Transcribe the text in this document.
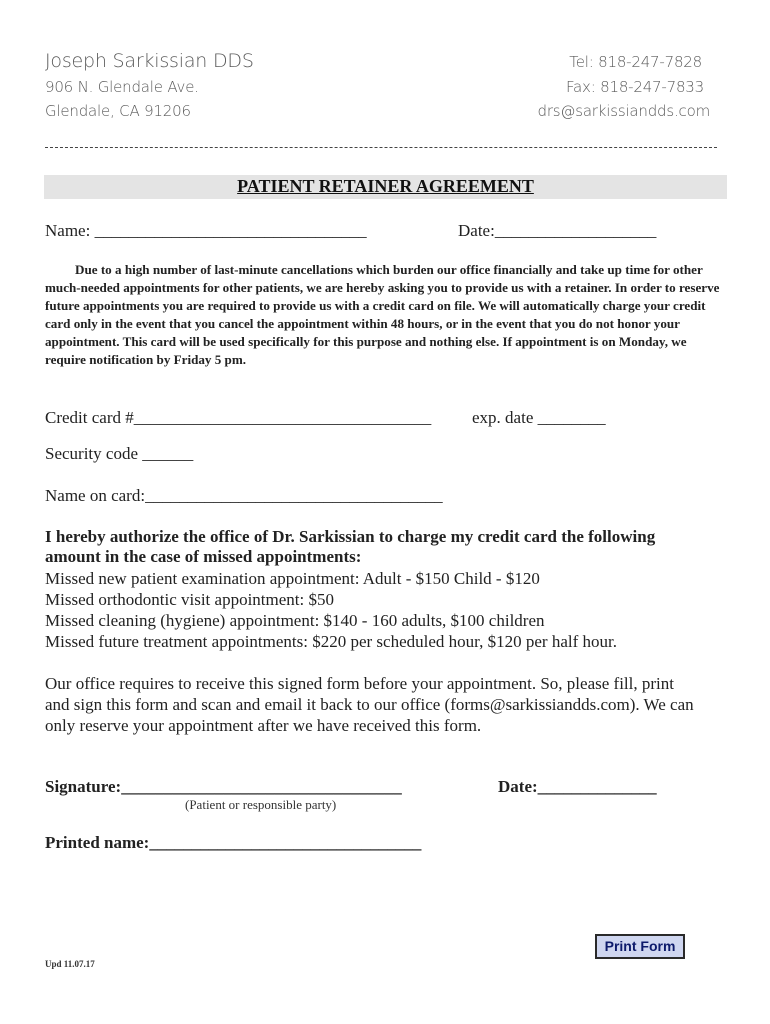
Joseph Sarkissian DDS
906 N. Glendale Ave.
Glendale, CA 91206
Tel: 818-247-7828
Fax: 818-247-7833
drs@sarkissiandds.com
PATIENT RETAINER AGREEMENT
Name: ________________________________	Date:___________________

Due to a high number of last-minute cancellations which burden our office financially and take up time for other much-needed appointments for other patients, we are hereby asking you to provide us with a retainer. In order to reserve future appointments you are required to provide us with a credit card on file. We will automatically charge your credit card only in the event that you cancel the appointment within 48 hours, or in the event that you do not honor your appointment. This card will be used specifically for this purpose and nothing else. If appointment is on Monday, we require notification by Friday 5 pm.

Credit card #___________________________________ exp. date ________
Security code ______
Name on card:___________________________________
I hereby authorize the office of Dr. Sarkissian to charge my credit card the following
amount in the case of missed appointments:
Missed new patient examination appointment: Adult - $150 Child - $120
Missed orthodontic visit appointment: $50
Missed cleaning (hygiene) appointment: $140 - 160 adults, $100 children
Missed future treatment appointments: $220 per scheduled hour, $120 per half hour.
Our office requires to receive this signed form before your appointment. So, please fill, print
and sign this form and scan and email it back to our office (forms@sarkissiandds.com). We can
only reserve your appointment after we have received this form.
Signature:_________________________________	Date:______________
(Patient or responsible party)
Printed name:________________________________
Print Form
Upd 11.07.17
